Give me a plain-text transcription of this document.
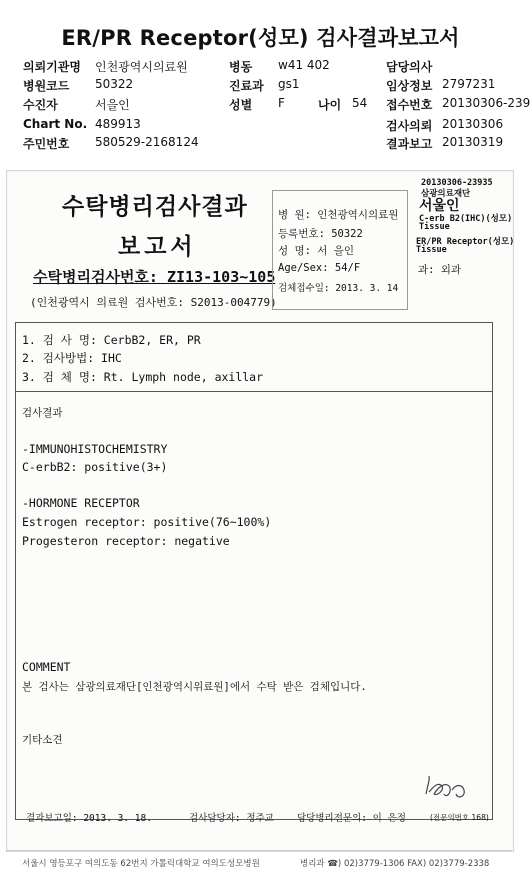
ER/PR Receptor(성모) 검사결과보고서
의뢰기관명 인천광역시의료원
병원코드 50322
수진자	서을인
Chart No. 489913
주민번호 580529-2168124
병동 w41 402
진료과 gs1
성별 F	나이 54
담당의사
임상정보 2797231
접수번호 20130306-239
검사의뢰 20130306
결과보고 20130319
수탁병리검사결과
보고서
수탁병리검사번호: ZI13-103~105
(인천광역시 의료원 검사번호: S2013-004779)
병 원: 인천광역시의료원
등록번호: 50322
성 명: 서 을인
Age/Sex: 54/F	과: 외과
검체접수일: 2013. 3. 14
20130306-23935
삼광의료재단
서울인
C-erb B2(IHC)(성모)
Tissue
ER/PR Receptor(성모)
Tissue
1. 검 사 명: CerbB2, ER, PR
2. 검사방법: IHC
3. 검 체 명: Rt. Lymph node, axillar
검사결과
-IMMUNOHISTOCHEMISTRY
C-erbB2: positive(3+)
-HORMONE RECEPTOR
Estrogen receptor: positive(76~100%)
Progesteron receptor: negative
COMMENT
본 검사는 삼광의료재단[인천광역시위료원]에서 수탁 받은 검체입니다.
기타소견
결과보고일: 2013. 3. 18.	검사담당자: 정주교 담당병리전문의: 이 은정	(전문의번호 168)
서울시 영등포구 여의도동 62번지 가톨릭대학교 여의도성모병원	병리과 ☎) 02)3779-1306 FAX) 02)3779-2338
